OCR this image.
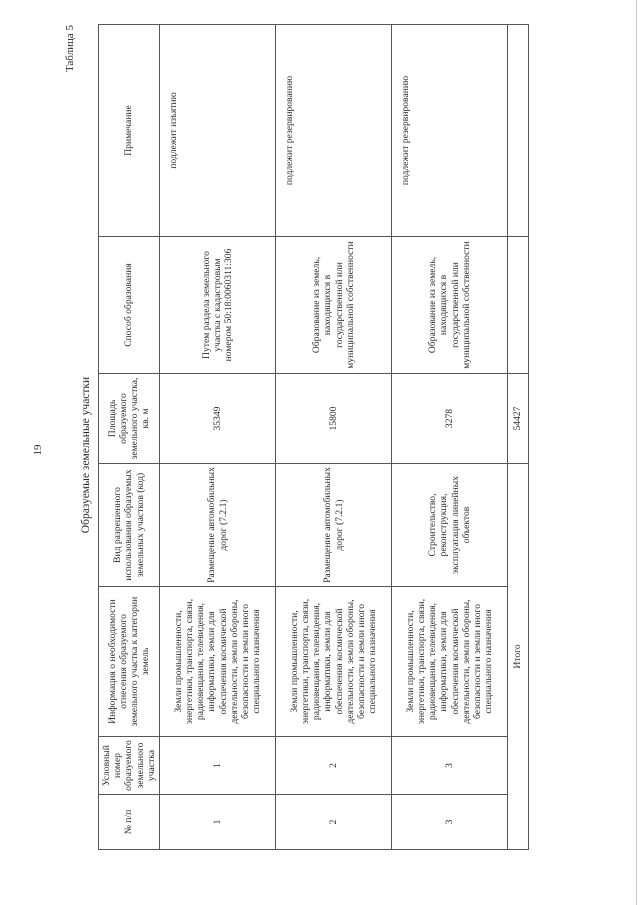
19
Таблица 5
Образуемые земельные участки
№ п/п	Условный номер образуемого земельного участка	Информация о необходимости отнесения образуемого земельного участка к категории земель	Вид разрешенного использования образуемых земельных участков (код)	Площадь образуемого земельного участка, кв. м	Способ образования	Примечание
1	1	Земли промышленности, энергетики, транспорта, связи, радиовещания, телевидения, информатики, земли для обеспечения космической деятельности, земли обороны, безопасности и земли иного специального назначения	Размещение автомобильных дорог (7.2.1)	35349	Путем раздела земельного участка с кадастровым номером 50:18:0060311:306	подлежит изъятию
2	2	Земли промышленности, энергетики, транспорта, связи, радиовещания, телевидения, информатики, земли для обеспечения космической деятельности, земли обороны, безопасности и земли иного специального назначения	Размещение автомобильных дорог (7.2.1)	15800	Образование из земель, находящихся в государственной или муниципальной собственности	подлежит резервированию
3	3	Земли промышленности, энергетики, транспорта, связи, радиовещания, телевидения, информатики, земли для обеспечения космической деятельности, земли обороны, безопасности и земли иного специального назначения	Строительство, реконструкция, эксплуатация линейных объектов	3278	Образование из земель, находящихся в государственной или муниципальной собственности	подлежит резервированию
Итого				54427		
